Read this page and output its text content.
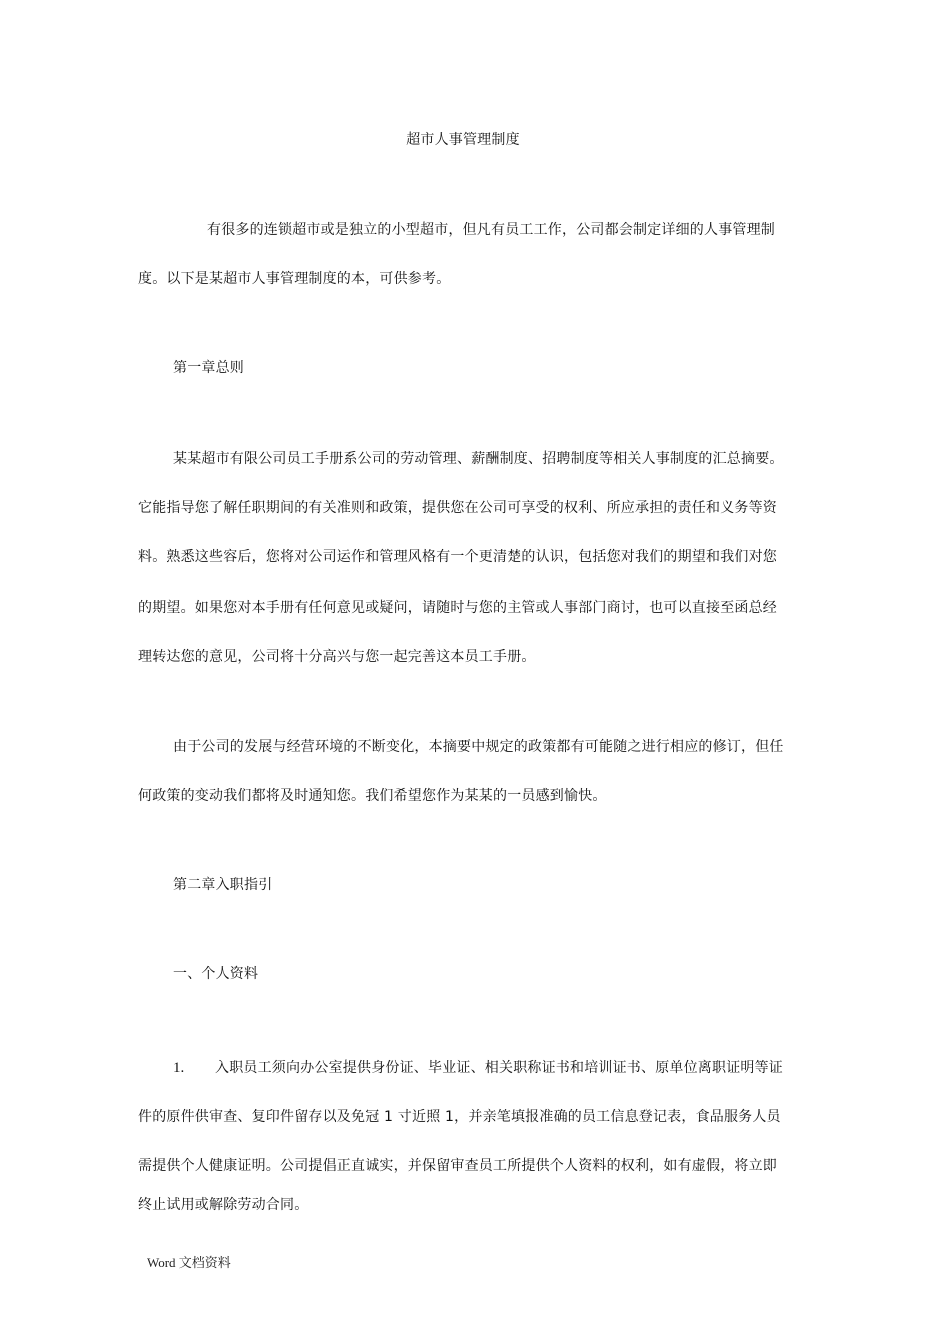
超市人事管理制度
有很多的连锁超市或是独立的小型超市，但凡有员工工作，公司都会制定详细的人事管理制
度。以下是某超市人事管理制度的本，可供参考。
第一章总则
某某超市有限公司员工手册系公司的劳动管理、薪酬制度、招聘制度等相关人事制度的汇总摘要。
它能指导您了解任职期间的有关准则和政策，提供您在公司可享受的权利、所应承担的责任和义务等资
料。熟悉这些容后，您将对公司运作和管理风格有一个更清楚的认识，包括您对我们的期望和我们对您
的期望。如果您对本手册有任何意见或疑问，请随时与您的主管或人事部门商讨，也可以直接至函总经
理转达您的意见，公司将十分高兴与您一起完善这本员工手册。
由于公司的发展与经营环境的不断变化，本摘要中规定的政策都有可能随之进行相应的修订，但任
何政策的变动我们都将及时通知您。我们希望您作为某某的一员感到愉快。
第二章入职指引
一、个人资料
1. 入职员工须向办公室提供身份证、毕业证、相关职称证书和培训证书、原单位离职证明等证
件的原件供审查、复印件留存以及免冠 1 寸近照 1，并亲笔填报准确的员工信息登记表，食品服务人员
需提供个人健康证明。公司提倡正直诚实，并保留审查员工所提供个人资料的权利，如有虚假，将立即
终止试用或解除劳动合同。
Word 文档资料
